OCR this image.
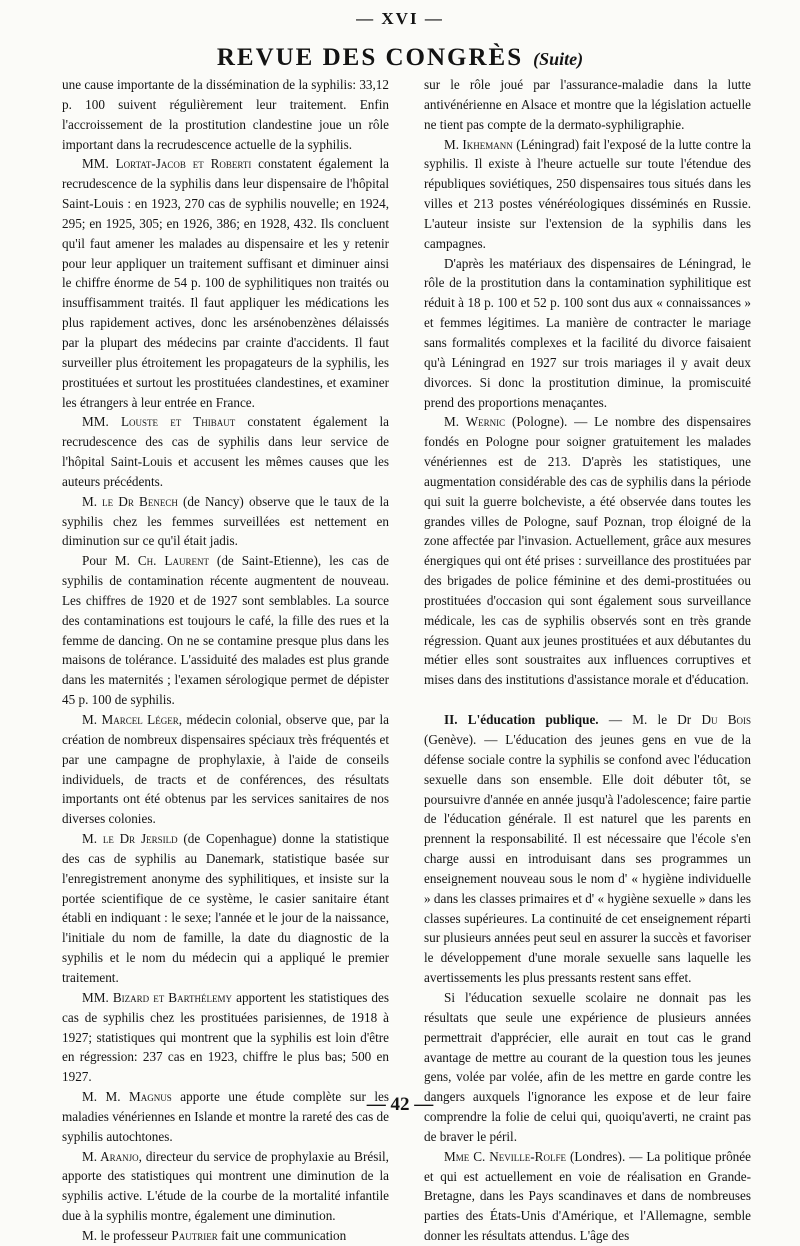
— XVI —
REVUE DES CONGRÈS (Suite)

une cause importante de la dissémination de la syphilis: 33,12 p. 100 suivent régulièrement leur traitement. Enfin l'accroissement de la prostitution clandestine joue un rôle important dans la recrudescence actuelle de la syphilis.

MM. Lortat-Jacob et Roberti constatent également la recrudescence de la syphilis dans leur dispensaire de l'hôpital Saint-Louis : en 1923, 270 cas de syphilis nouvelle; en 1924, 295; en 1925, 305; en 1926, 386; en 1928, 432. Ils concluent qu'il faut amener les malades au dispensaire et les y retenir pour leur appliquer un traitement suffisant et diminuer ainsi le chiffre énorme de 54 p. 100 de syphilitiques non traités ou insuffisamment traités. Il faut appliquer les médications les plus rapidement actives, donc les arsénobenzènes délaissés par la plupart des médecins par crainte d'accidents. Il faut surveiller plus étroitement les propagateurs de la syphilis, les prostituées et surtout les prostituées clandestines, et examiner les étrangers à leur entrée en France.

MM. Louste et Thibaut constatent également la recrudescence des cas de syphilis dans leur service de l'hôpital Saint-Louis et accusent les mêmes causes que les auteurs précédents.

M. le Dr Benech (de Nancy) observe que le taux de la syphilis chez les femmes surveillées est nettement en diminution sur ce qu'il était jadis.

Pour M. Ch. Laurent (de Saint-Etienne), les cas de syphilis de contamination récente augmentent de nouveau. Les chiffres de 1920 et de 1927 sont semblables. La source des contaminations est toujours le café, la fille des rues et la femme de dancing. On ne se contamine presque plus dans les maisons de tolérance. L'assiduité des malades est plus grande dans les maternités ; l'examen sérologique permet de dépister 45 p. 100 de syphilis.

M. Marcel Léger, médecin colonial, observe que, par la création de nombreux dispensaires spéciaux très fréquentés et par une campagne de prophylaxie, à l'aide de conseils individuels, de tracts et de conférences, des résultats importants ont été obtenus par les services sanitaires de nos diverses colonies.

M. le Dr Jersild (de Copenhague) donne la statistique des cas de syphilis au Danemark, statistique basée sur l'enregistrement anonyme des syphilitiques, et insiste sur la portée scientifique de ce système, le casier sanitaire étant établi en indiquant : le sexe; l'année et le jour de la naissance, l'initiale du nom de famille, la date du diagnostic de la syphilis et le nom du médecin qui a appliqué le premier traitement.

MM. Bizard et Barthélemy apportent les statistiques des cas de syphilis chez les prostituées parisiennes, de 1918 à 1927; statistiques qui montrent que la syphilis est loin d'être en régression: 237 cas en 1923, chiffre le plus bas; 500 en 1927.

M. M. Magnus apporte une étude complète sur les maladies vénériennes en Islande et montre la rareté des cas de syphilis autochtones.

M. Aranjo, directeur du service de prophylaxie au Brésil, apporte des statistiques qui montrent une diminution de la syphilis active. L'étude de la courbe de la mortalité infantile due à la syphilis montre, également une diminution.

M. le professeur Pautrier fait une communication

sur le rôle joué par l'assurance-maladie dans la lutte antivénérienne en Alsace et montre que la législation actuelle ne tient pas compte de la dermato-syphiligraphie.

M. Ikhemann (Léningrad) fait l'exposé de la lutte contre la syphilis. Il existe à l'heure actuelle sur toute l'étendue des républiques soviétiques, 250 dispensaires tous situés dans les villes et 213 postes vénéréologiques disséminés en Russie. L'auteur insiste sur l'extension de la syphilis dans les campagnes.

D'après les matériaux des dispensaires de Léningrad, le rôle de la prostitution dans la contamination syphilitique est réduit à 18 p. 100 et 52 p. 100 sont dus aux « connaissances » et femmes légitimes. La manière de contracter le mariage sans formalités complexes et la facilité du divorce faisaient qu'à Léningrad en 1927 sur trois mariages il y avait deux divorces. Si donc la prostitution diminue, la promiscuité prend des proportions menaçantes.

M. Wernic (Pologne). — Le nombre des dispensaires fondés en Pologne pour soigner gratuitement les malades vénériennes est de 213. D'après les statistiques, une augmentation considérable des cas de syphilis dans la période qui suit la guerre bolcheviste, a été observée dans toutes les grandes villes de Pologne, sauf Poznan, trop éloigné de la zone affectée par l'invasion. Actuellement, grâce aux mesures énergiques qui ont été prises : surveillance des prostituées par des brigades de police féminine et des demi-prostituées ou prostituées d'occasion qui sont également sous surveillance médicale, les cas de syphilis observés sont en très grande régression. Quant aux jeunes prostituées et aux débutantes du métier elles sont soustraites aux influences corruptives et mises dans des institutions d'assistance morale et d'éducation.

II. L'éducation publique. — M. le Dr Du Bois (Genève). — L'éducation des jeunes gens en vue de la défense sociale contre la syphilis se confond avec l'éducation sexuelle dans son ensemble. Elle doit débuter tôt, se poursuivre d'année en année jusqu'à l'adolescence; faire partie de l'éducation générale. Il est naturel que les parents en prennent la responsabilité. Il est nécessaire que l'école s'en charge aussi en introduisant dans ses programmes un enseignement nouveau sous le nom d' « hygiène individuelle » dans les classes primaires et d' « hygiène sexuelle » dans les classes supérieures. La continuité de cet enseignement réparti sur plusieurs années peut seul en assurer la succès et favoriser le développement d'une morale sexuelle sans laquelle les avertissements les plus pressants restent sans effet.

Si l'éducation sexuelle scolaire ne donnait pas les résultats que seule une expérience de plusieurs années permettrait d'apprécier, elle aurait en tout cas le grand avantage de mettre au courant de la question tous les jeunes gens, volée par volée, afin de les mettre en garde contre les dangers auxquels l'ignorance les expose et de leur faire comprendre la folie de celui qui, quoiqu'averti, ne craint pas de braver le péril.

Mme C. Neville-Rolfe (Londres). — La politique prônée et qui est actuellement en voie de réalisation en Grande-Bretagne, dans les Pays scandinaves et dans de nombreuses parties des États-Unis d'Amérique, et l'Allemagne, semble donner les résultats attendus. L'âge des

— 42 —
